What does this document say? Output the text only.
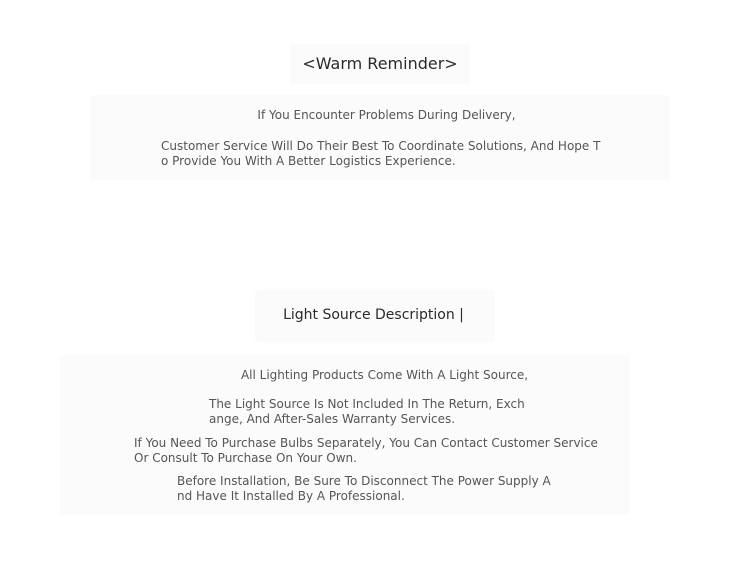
<Warm Reminder>
If You Encounter Problems During Delivery,
Customer Service Will Do Their Best To Coordinate Solutions, And Hope To Provide You With A Better Logistics Experience.
Light Source Description |
All Lighting Products Come With A Light Source,
The Light Source Is Not Included In The Return, Exchange, And After-Sales Warranty Services.
If You Need To Purchase Bulbs Separately, You Can Contact Customer Service Or Consult To Purchase On Your Own.
Before Installation, Be Sure To Disconnect The Power Supply And Have It Installed By A Professional.
